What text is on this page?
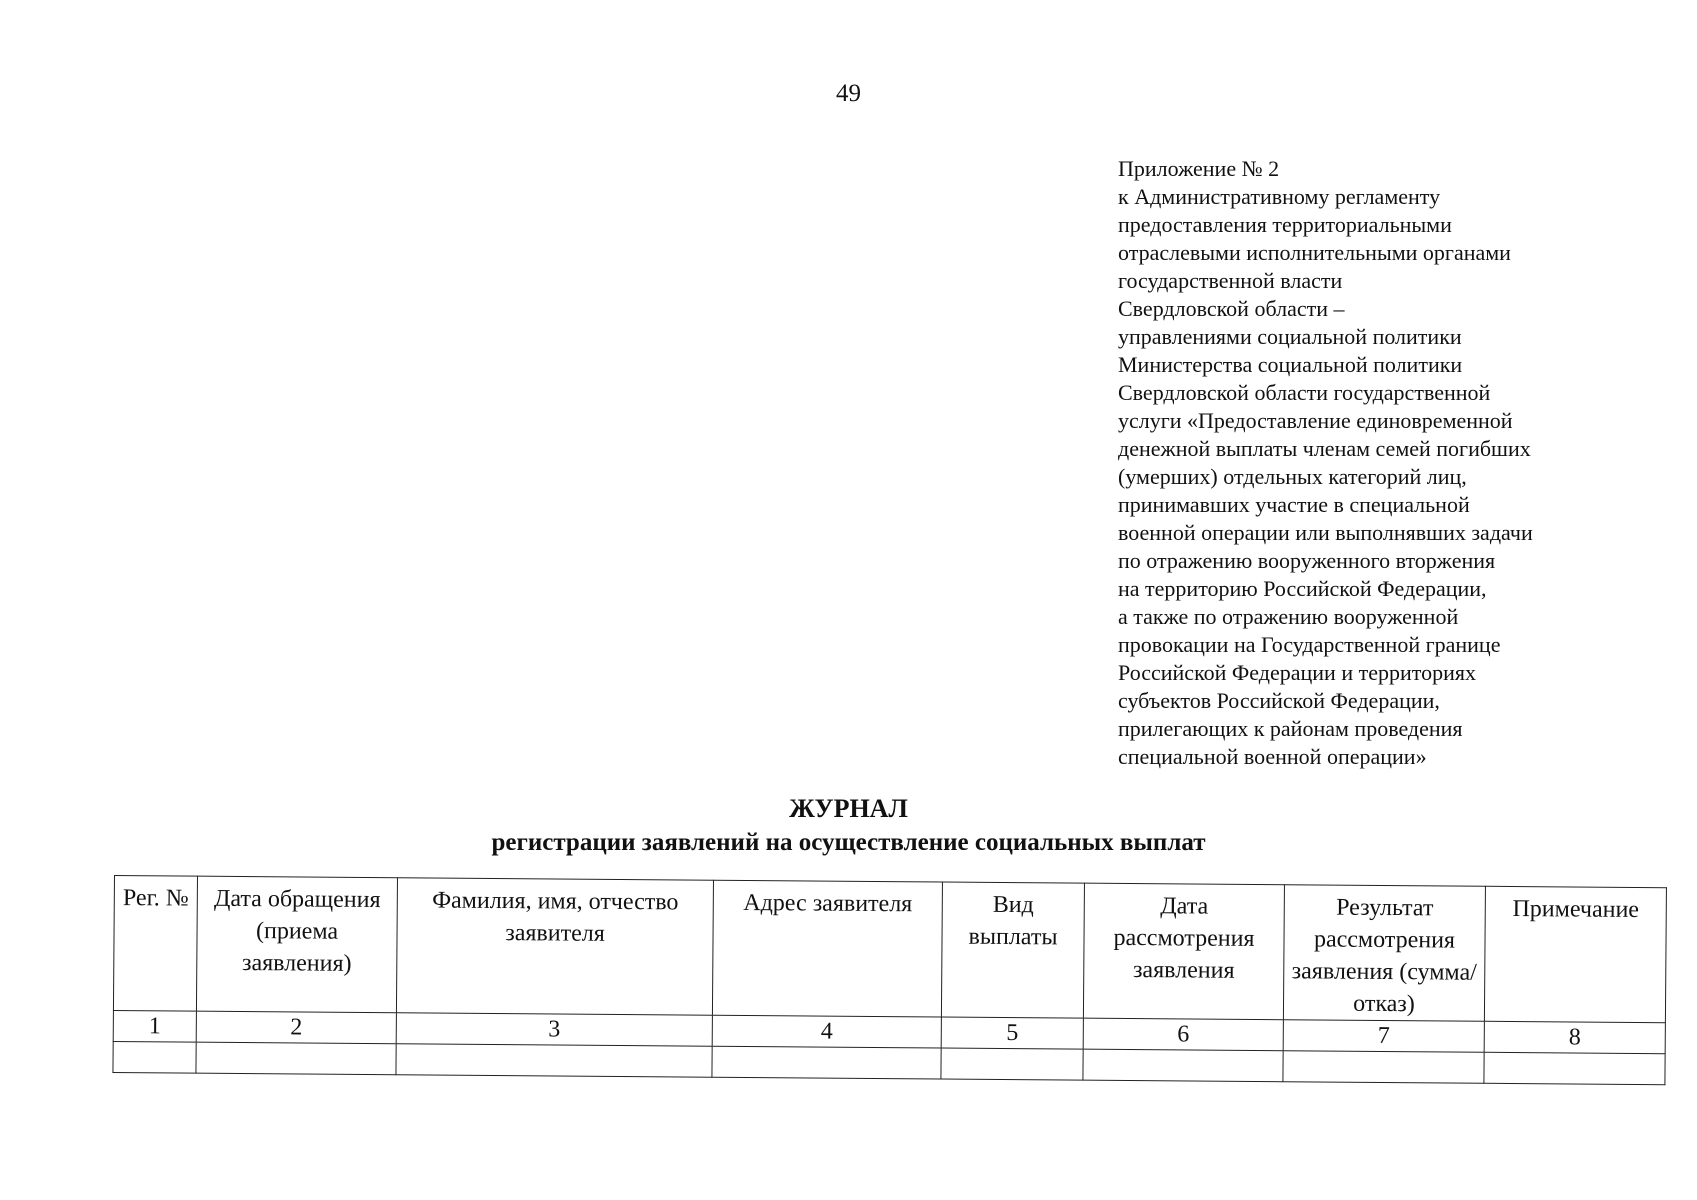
49
Приложение № 2
к Административному регламенту
предоставления территориальными
отраслевыми исполнительными органами
государственной власти
Свердловской области –
управлениями социальной политики
Министерства социальной политики
Свердловской области государственной
услуги «Предоставление единовременной
денежной выплаты членам семей погибших
(умерших) отдельных категорий лиц,
принимавших участие в специальной
военной операции или выполнявших задачи
по отражению вооруженного вторжения
на территорию Российской Федерации,
а также по отражению вооруженной
провокации на Государственной границе
Российской Федерации и территориях
субъектов Российской Федерации,
прилегающих к районам проведения
специальной военной операции»
ЖУРНАЛ
регистрации заявлений на осуществление социальных выплат
Рег. №	Дата обращения (приема заявления)	Фамилия, имя, отчество заявителя	Адрес заявителя	Вид выплаты	Дата рассмотрения заявления	Результат рассмотрения заявления (сумма/отказ)	Примечание
1	2	3	4	5	6	7	8
